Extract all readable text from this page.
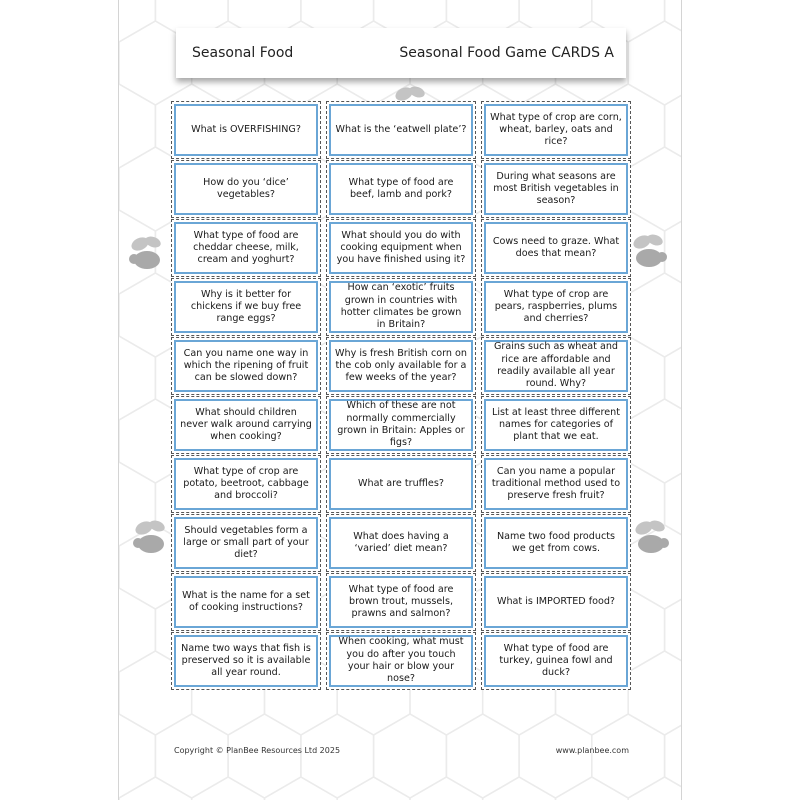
Seasonal Food	Seasonal Food Game CARDS A
What is OVERFISHING?	What is the ‘eatwell plate’?
What type of crop are corn, wheat, barley, oats and rice?
How do you ‘dice’ vegetables?
What type of food are beef, lamb and pork?
During what seasons are most British vegetables in season?
What type of food are cheddar cheese, milk, cream and yoghurt?
What should you do with cooking equipment when you have finished using it?
Cows need to graze. What does that mean?
Why is it better for chickens if we buy free range eggs?
How can ‘exotic’ fruits grown in countries with hotter climates be grown in Britain?
What type of crop are pears, raspberries, plums and cherries?
Can you name one way in which the ripening of fruit can be slowed down?
Why is fresh British corn on the cob only available for a few weeks of the year?
Grains such as wheat and rice are affordable and readily available all year round. Why?
What should children never walk around carrying when cooking?
Which of these are not normally commercially grown in Britain: Apples or figs?
List at least three different names for categories of plant that we eat.
What type of crop are potato, beetroot, cabbage and broccoli?
What are truffles?
Can you name a popular traditional method used to preserve fresh fruit?
Should vegetables form a large or small part of your diet?
What does having a ‘varied’ diet mean?
Name two food products we get from cows.
What is the name for a set of cooking instructions?
What type of food are brown trout, mussels, prawns and salmon?
What is IMPORTED food?
Name two ways that fish is preserved so it is available all year round.
When cooking, what must you do after you touch your hair or blow your nose?
What type of food are turkey, guinea fowl and duck?
Copyright © PlanBee Resources Ltd 2025	www.planbee.com
